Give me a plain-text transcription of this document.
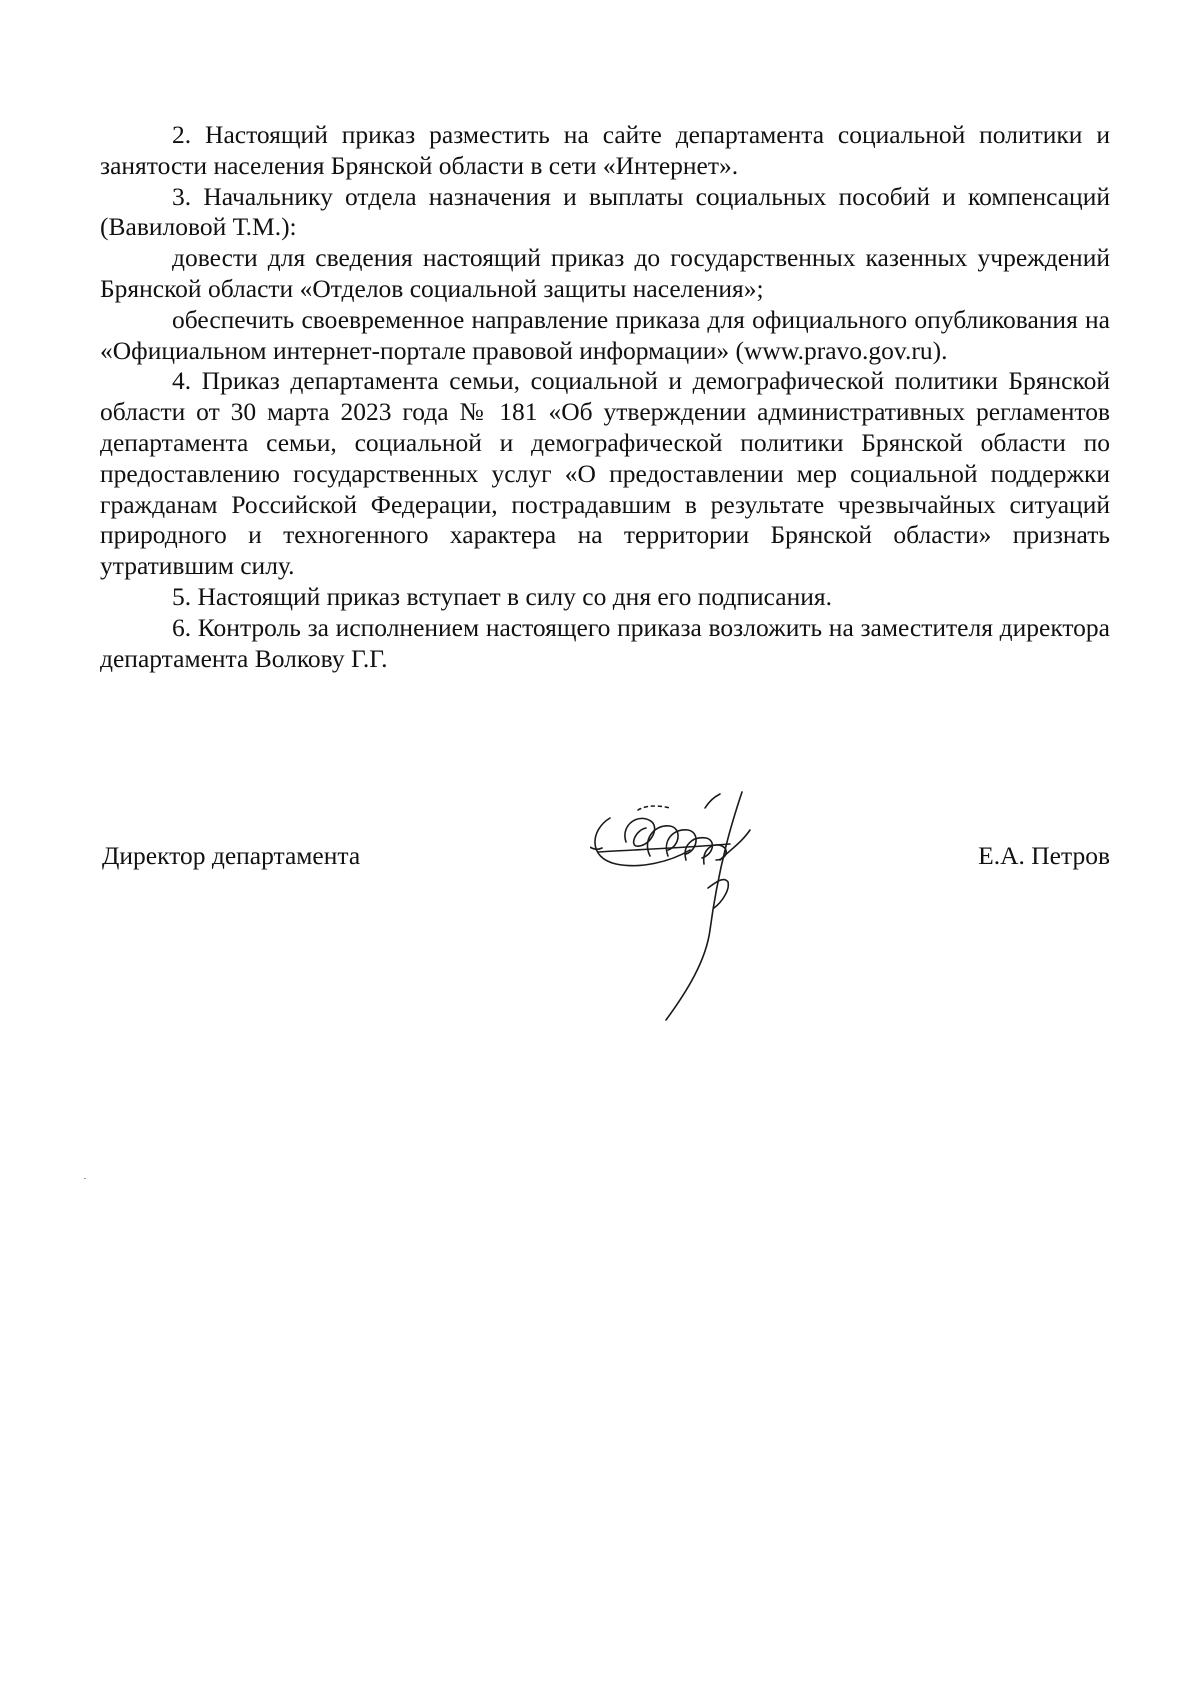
2. Настоящий приказ разместить на сайте департамента социальной политики и занятости населения Брянской области в сети «Интернет».

3. Начальнику отдела назначения и выплаты социальных пособий и компенсаций (Вавиловой Т.М.):

довести для сведения настоящий приказ до государственных казенных учреждений Брянской области «Отделов социальной защиты населения»;

обеспечить своевременное направление приказа для официального опубликования на «Официальном интернет-портале правовой информации» (www.pravo.gov.ru).

4. Приказ департамента семьи, социальной и демографической политики Брянской области от 30 марта 2023 года № 181 «Об утверждении административных регламентов департамента семьи, социальной и демографической политики Брянской области по предоставлению государственных услуг «О предоставлении мер социальной поддержки гражданам Российской Федерации, пострадавшим в результате чрезвычайных ситуаций природного и техногенного характера на территории Брянской области» признать утратившим силу.

5. Настоящий приказ вступает в силу со дня его подписания.

6. Контроль за исполнением настоящего приказа возложить на заместителя директора департамента Волкову Г.Г.

Директор департамента	Е.А. Петров
